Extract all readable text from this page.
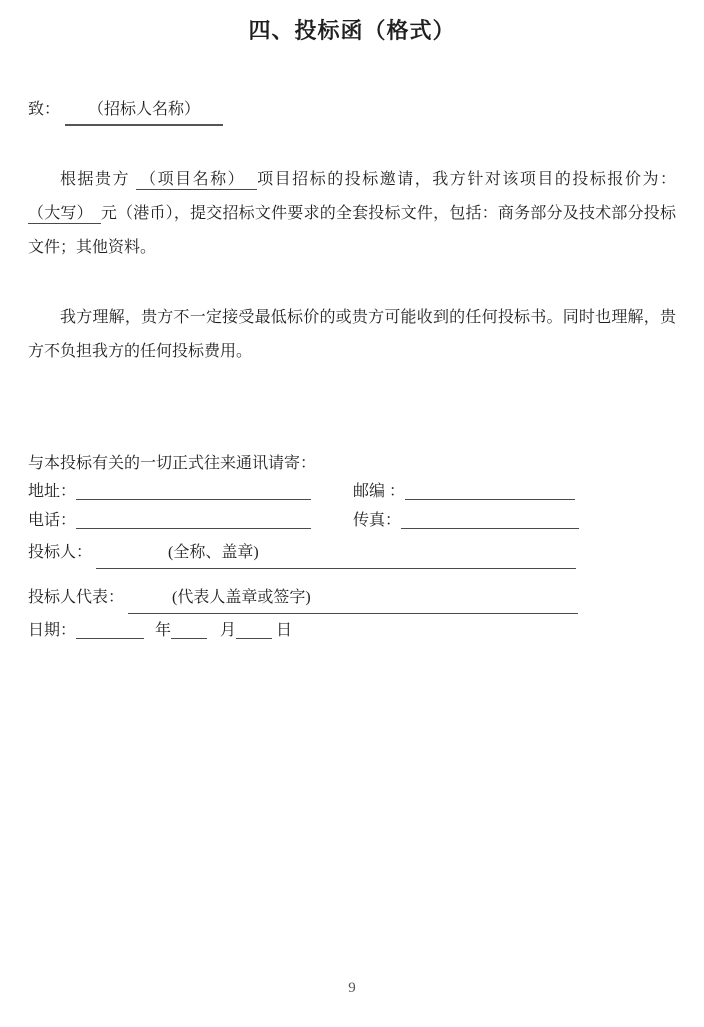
四、投标函（格式）
致： （招标人名称）

根据贵方 （项目名称） 项目招标的投标邀请，我方针对该项目的投标报价为：（大写） 元（港币），提交招标文件要求的全套投标文件，包括：商务部分及技术部分投标文件；其他资料。

我方理解，贵方不一定接受最低标价的或贵方可能收到的任何投标书。同时也理解，贵方不负担我方的任何投标费用。

与本投标有关的一切正式往来通讯请寄：
地址：	邮编 ：
电话：	传真：
投标人：	(全称、盖章)
投标人代表：	(代表人盖章或签字)
日期：	年	月	日
9
